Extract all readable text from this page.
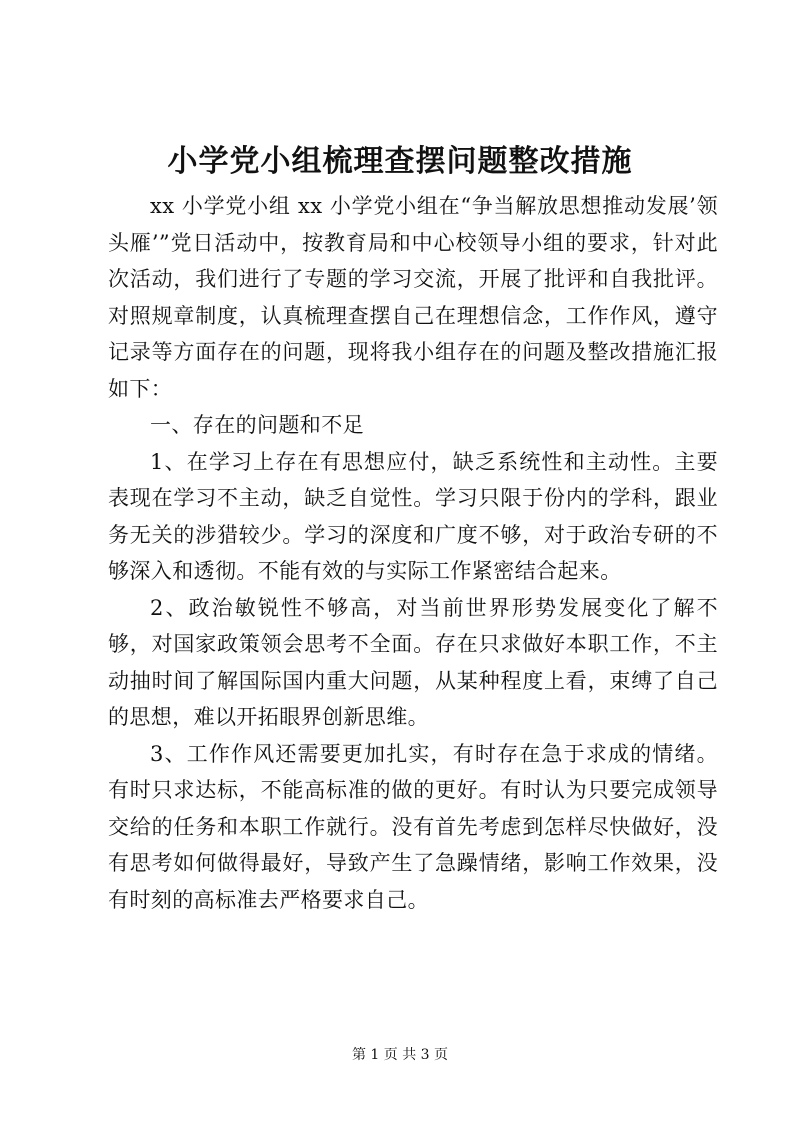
小学党小组梳理查摆问题整改措施

xx 小学党小组 xx 小学党小组在“争当解放思想推动发展’领头雁’”党日活动中，按教育局和中心校领导小组的要求，针对此次活动，我们进行了专题的学习交流，开展了批评和自我批评。对照规章制度，认真梳理查摆自己在理想信念，工作作风，遵守记录等方面存在的问题，现将我小组存在的问题及整改措施汇报如下：

一、存在的问题和不足

1、在学习上存在有思想应付，缺乏系统性和主动性。主要表现在学习不主动，缺乏自觉性。学习只限于份内的学科，跟业务无关的涉猎较少。学习的深度和广度不够，对于政治专研的不够深入和透彻。不能有效的与实际工作紧密结合起来。

2、政治敏锐性不够高，对当前世界形势发展变化了解不够，对国家政策领会思考不全面。存在只求做好本职工作，不主动抽时间了解国际国内重大问题，从某种程度上看，束缚了自己的思想，难以开拓眼界创新思维。

3、工作作风还需要更加扎实，有时存在急于求成的情绪。有时只求达标，不能高标准的做的更好。有时认为只要完成领导交给的任务和本职工作就行。没有首先考虑到怎样尽快做好，没有思考如何做得最好，导致产生了急躁情绪，影响工作效果，没有时刻的高标准去严格要求自己。

第 1 页 共 3 页
